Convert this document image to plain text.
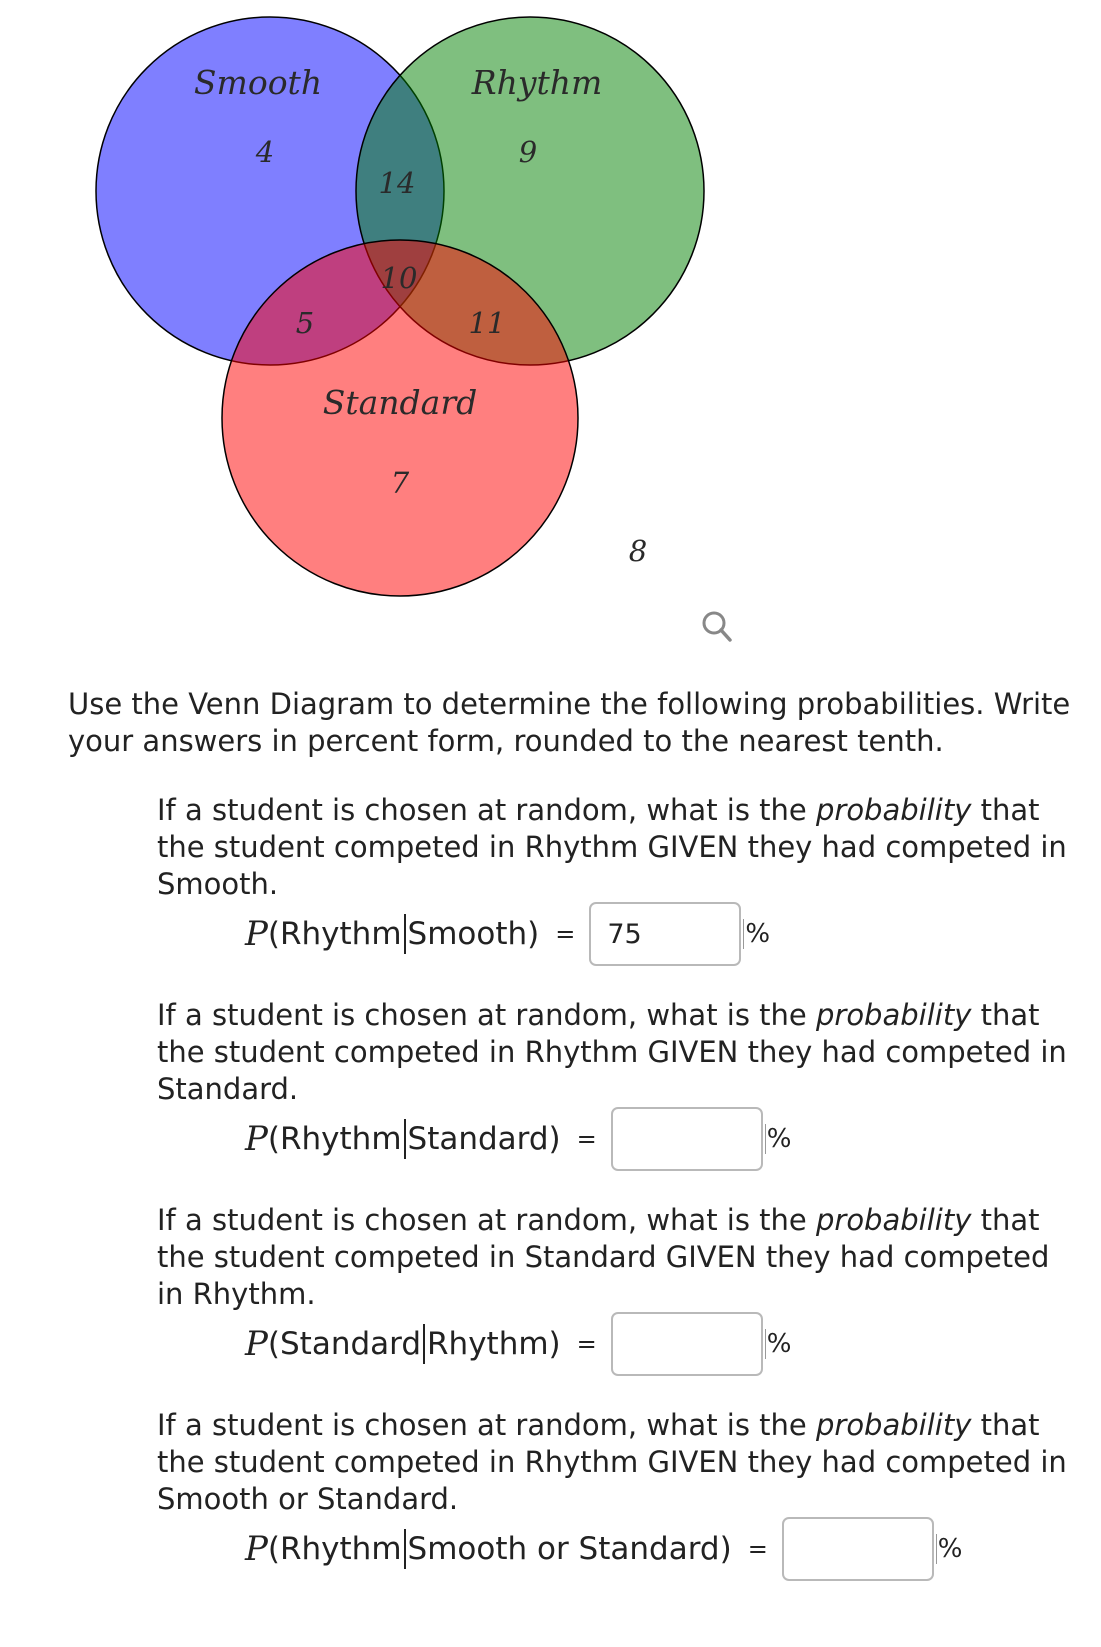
Smooth	Rhythm
Standard
4	9
14
10
5	11
7
8
Use the Venn Diagram to determine the following probabilities. Write your answers in percent form, rounded to the nearest tenth.
If a student is chosen at random, what is the probability that the student competed in Rhythm GIVEN they had competed in Smooth.
P (Rhythm Smooth) =
75	%
If a student is chosen at random, what is the probability that the student competed in Rhythm GIVEN they had competed in Standard.
P (Rhythm Standard) =	%
If a student is chosen at random, what is the probability that the student competed in Standard GIVEN they had competed in Rhythm.
P (Standard Rhythm) =	%
If a student is chosen at random, what is the probability that the student competed in Rhythm GIVEN they had competed in Smooth or Standard.
P (Rhythm Smooth or Standard) =	%
